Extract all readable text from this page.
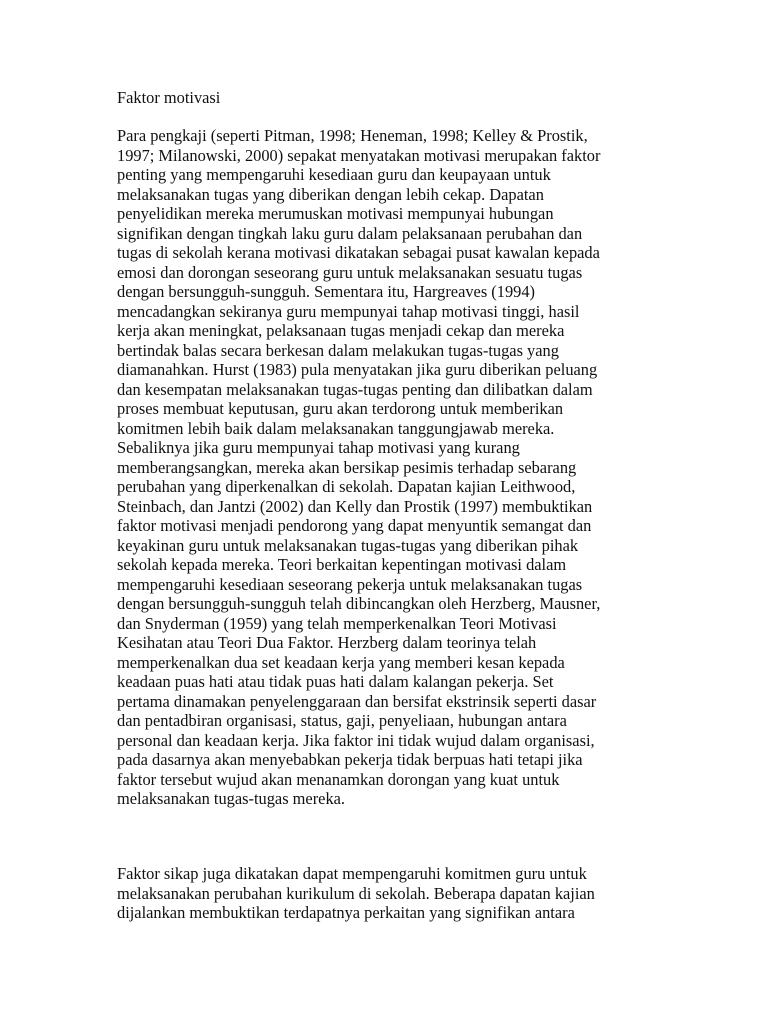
Faktor motivasi
Para pengkaji (seperti Pitman, 1998; Heneman, 1998; Kelley & Prostik,
1997; Milanowski, 2000) sepakat menyatakan motivasi merupakan faktor
penting yang mempengaruhi kesediaan guru dan keupayaan untuk
melaksanakan tugas yang diberikan dengan lebih cekap. Dapatan
penyelidikan mereka merumuskan motivasi mempunyai hubungan
signifikan dengan tingkah laku guru dalam pelaksanaan perubahan dan
tugas di sekolah kerana motivasi dikatakan sebagai pusat kawalan kepada
emosi dan dorongan seseorang guru untuk melaksanakan sesuatu tugas
dengan bersungguh-sungguh. Sementara itu, Hargreaves (1994)
mencadangkan sekiranya guru mempunyai tahap motivasi tinggi, hasil
kerja akan meningkat, pelaksanaan tugas menjadi cekap dan mereka
bertindak balas secara berkesan dalam melakukan tugas-tugas yang
diamanahkan. Hurst (1983) pula menyatakan jika guru diberikan peluang
dan kesempatan melaksanakan tugas-tugas penting dan dilibatkan dalam
proses membuat keputusan, guru akan terdorong untuk memberikan
komitmen lebih baik dalam melaksanakan tanggungjawab mereka.
Sebaliknya jika guru mempunyai tahap motivasi yang kurang
memberangsangkan, mereka akan bersikap pesimis terhadap sebarang
perubahan yang diperkenalkan di sekolah. Dapatan kajian Leithwood,
Steinbach, dan Jantzi (2002) dan Kelly dan Prostik (1997) membuktikan
faktor motivasi menjadi pendorong yang dapat menyuntik semangat dan
keyakinan guru untuk melaksanakan tugas-tugas yang diberikan pihak
sekolah kepada mereka. Teori berkaitan kepentingan motivasi dalam
mempengaruhi kesediaan seseorang pekerja untuk melaksanakan tugas
dengan bersungguh-sungguh telah dibincangkan oleh Herzberg, Mausner,
dan Snyderman (1959) yang telah memperkenalkan Teori Motivasi
Kesihatan atau Teori Dua Faktor. Herzberg dalam teorinya telah
memperkenalkan dua set keadaan kerja yang memberi kesan kepada
keadaan puas hati atau tidak puas hati dalam kalangan pekerja. Set
pertama dinamakan penyelenggaraan dan bersifat ekstrinsik seperti dasar
dan pentadbiran organisasi, status, gaji, penyeliaan, hubungan antara
personal dan keadaan kerja. Jika faktor ini tidak wujud dalam organisasi,
pada dasarnya akan menyebabkan pekerja tidak berpuas hati tetapi jika
faktor tersebut wujud akan menanamkan dorongan yang kuat untuk
melaksanakan tugas-tugas mereka.
Faktor sikap juga dikatakan dapat mempengaruhi komitmen guru untuk
melaksanakan perubahan kurikulum di sekolah. Beberapa dapatan kajian
dijalankan membuktikan terdapatnya perkaitan yang signifikan antara
